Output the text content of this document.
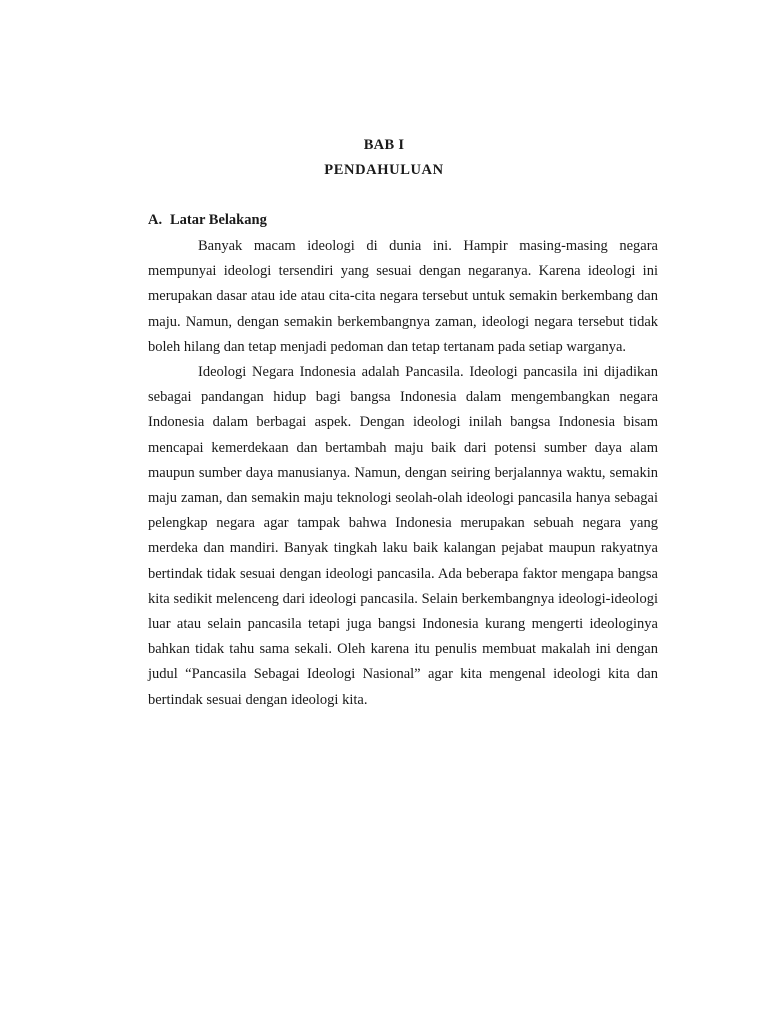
BAB I
PENDAHULUAN
A. Latar Belakang

Banyak macam ideologi di dunia ini. Hampir masing-masing negara mempunyai ideologi tersendiri yang sesuai dengan negaranya. Karena ideologi ini merupakan dasar atau ide atau cita-cita negara tersebut untuk semakin berkembang dan maju. Namun, dengan semakin berkembangnya zaman, ideologi negara tersebut tidak boleh hilang dan tetap menjadi pedoman dan tetap tertanam pada setiap warganya.

Ideologi Negara Indonesia adalah Pancasila. Ideologi pancasila ini dijadikan sebagai pandangan hidup bagi bangsa Indonesia dalam mengembangkan negara Indonesia dalam berbagai aspek. Dengan ideologi inilah bangsa Indonesia bisam mencapai kemerdekaan dan bertambah maju baik dari potensi sumber daya alam maupun sumber daya manusianya. Namun, dengan seiring berjalannya waktu, semakin maju zaman, dan semakin maju teknologi seolah-olah ideologi pancasila hanya sebagai pelengkap negara agar tampak bahwa Indonesia merupakan sebuah negara yang merdeka dan mandiri. Banyak tingkah laku baik kalangan pejabat maupun rakyatnya bertindak tidak sesuai dengan ideologi pancasila. Ada beberapa faktor mengapa bangsa kita sedikit melenceng dari ideologi pancasila. Selain berkembangnya ideologi-ideologi luar atau selain pancasila tetapi juga bangsi Indonesia kurang mengerti ideologinya bahkan tidak tahu sama sekali. Oleh karena itu penulis membuat makalah ini dengan judul “Pancasila Sebagai Ideologi Nasional” agar kita mengenal ideologi kita dan bertindak sesuai dengan ideologi kita.
